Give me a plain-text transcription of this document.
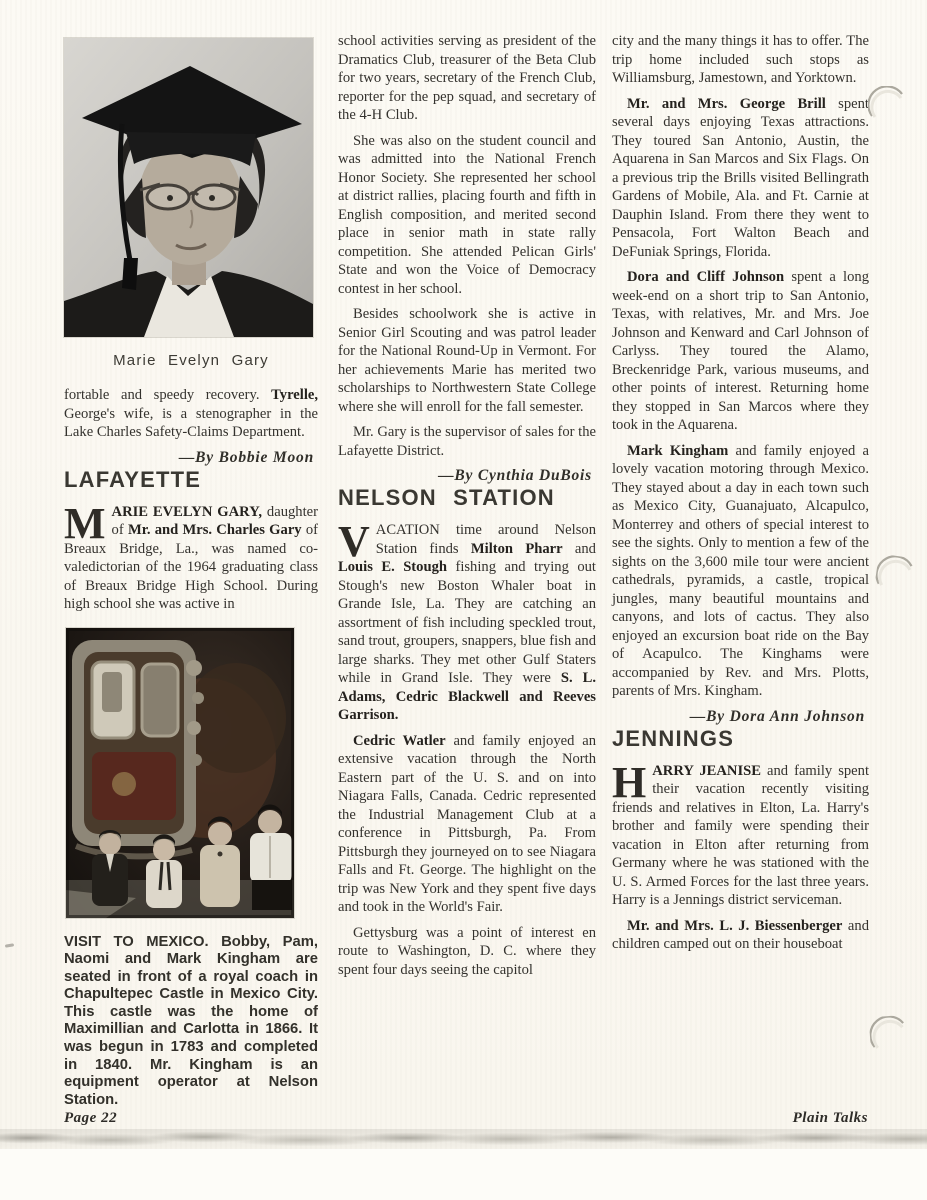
Marie Evelyn Gary

fortable and speedy recovery. Tyrelle, George's wife, is a stenographer in the Lake Charles Safety-Claims Department.

—By Bobbie Moon
LAFAYETTE

MARIE EVELYN GARY, daughter of Mr. and Mrs. Charles Gary of Breaux Bridge, La., was named co-valedictorian of the 1964 graduating class of Breaux Bridge High School. During high school she was active in

VISIT TO MEXICO. Bobby, Pam, Naomi and Mark Kingham are seated in front of a royal coach in Chapultepec Castle in Mexico City. This castle was the home of Maximillian and Carlotta in 1866. It was begun in 1783 and completed in 1840. Mr. Kingham is an equipment operator at Nelson Station.

school activities serving as president of the Dramatics Club, treasurer of the Beta Club for two years, secretary of the French Club, reporter for the pep squad, and secretary of the 4-H Club.

She was also on the student council and was admitted into the National French Honor Society. She represented her school at district rallies, placing fourth and fifth in English composition, and merited second place in senior math in state rally competition. She attended Pelican Girls' State and won the Voice of Democracy contest in her school.

Besides schoolwork she is active in Senior Girl Scouting and was patrol leader for the National Round-Up in Vermont. For her achievements Marie has merited two scholarships to Northwestern State College where she will enroll for the fall semester.

Mr. Gary is the supervisor of sales for the Lafayette District.

—By Cynthia DuBois
NELSON STATION

VACATION time around Nelson Station finds Milton Pharr and Louis E. Stough fishing and trying out Stough's new Boston Whaler boat in Grande Isle, La. They are catching an assortment of fish including speckled trout, sand trout, groupers, snappers, blue fish and large sharks. They met other Gulf Staters while in Grand Isle. They were S. L. Adams, Cedric Blackwell and Reeves Garrison.

Cedric Watler and family enjoyed an extensive vacation through the North Eastern part of the U. S. and on into Niagara Falls, Canada. Cedric represented the Industrial Management Club at a conference in Pittsburgh, Pa. From Pittsburgh they journeyed on to see Niagara Falls and Ft. George. The highlight on the trip was New York and they spent five days and took in the World's Fair.

Gettysburg was a point of interest en route to Washington, D. C. where they spent four days seeing the capitol

city and the many things it has to offer. The trip home included such stops as Williamsburg, Jamestown, and Yorktown.

Mr. and Mrs. George Brill spent several days enjoying Texas attractions. They toured San Antonio, Austin, the Aquarena in San Marcos and Six Flags. On a previous trip the Brills visited Bellingrath Gardens of Mobile, Ala. and Ft. Carnie at Dauphin Island. From there they went to Pensacola, Fort Walton Beach and DeFuniak Springs, Florida.

Dora and Cliff Johnson spent a long week-end on a short trip to San Antonio, Texas, with relatives, Mr. and Mrs. Joe Johnson and Kenward and Carl Johnson of Carlyss. They toured the Alamo, Breckenridge Park, various museums, and other points of interest. Returning home they stopped in San Marcos where they took in the Aquarena.

Mark Kingham and family enjoyed a lovely vacation motoring through Mexico. They stayed about a day in each town such as Mexico City, Guanajuato, Alcapulco, Monterrey and others of special interest to see the sights. Only to mention a few of the sights on the 3,600 mile tour were ancient cathedrals, pyramids, a castle, tropical jungles, many beautiful mountains and canyons, and lots of cactus. They also enjoyed an excursion boat ride on the Bay of Acapulco. The Kinghams were accompanied by Rev. and Mrs. Plotts, parents of Mrs. Kingham.

—By Dora Ann Johnson
JENNINGS

HARRY JEANISE and family spent their vacation recently visiting friends and relatives in Elton, La. Harry's brother and family were spending their vacation in Elton after returning from Germany where he was stationed with the U. S. Armed Forces for the last three years. Harry is a Jennings district serviceman.

Mr. and Mrs. L. J. Biessenberger and children camped out on their houseboat

Page 22	Plain Talks
